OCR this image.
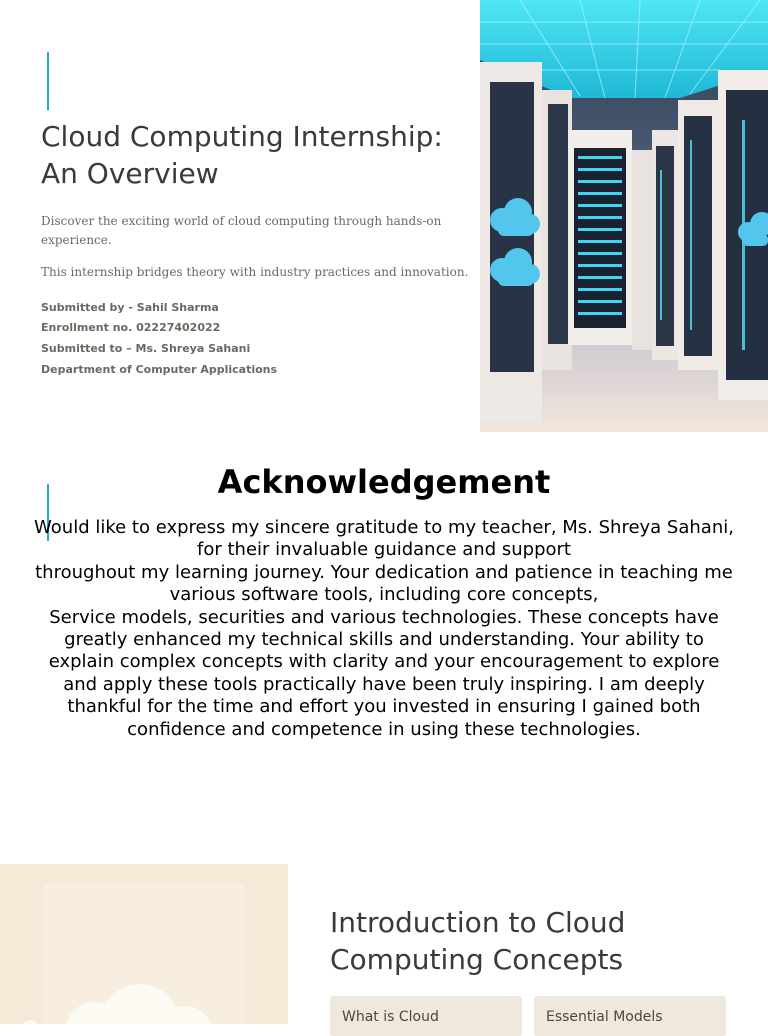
Cloud Computing Internship: An Overview

Discover the exciting world of cloud computing through hands-on experience.

This internship bridges theory with industry practices and innovation.

Submitted by - Sahil Sharma

Enrollment no. 02227402022

Submitted to – Ms. Shreya Sahani

Department of Computer Applications

Acknowledgement

Would like to express my sincere gratitude to my teacher, Ms. Shreya Sahani, for their invaluable guidance and support
throughout my learning journey. Your dedication and patience in teaching me various software tools, including core concepts,
Service models, securities and various technologies. These concepts have greatly enhanced my technical skills and understanding. Your ability to explain complex concepts with clarity and your encouragement to explore and apply these tools practically have been truly inspiring. I am deeply thankful for the time and effort you invested in ensuring I gained both confidence and competence in using these technologies.

Introduction to Cloud Computing Concepts
What is Cloud	Essential Models
